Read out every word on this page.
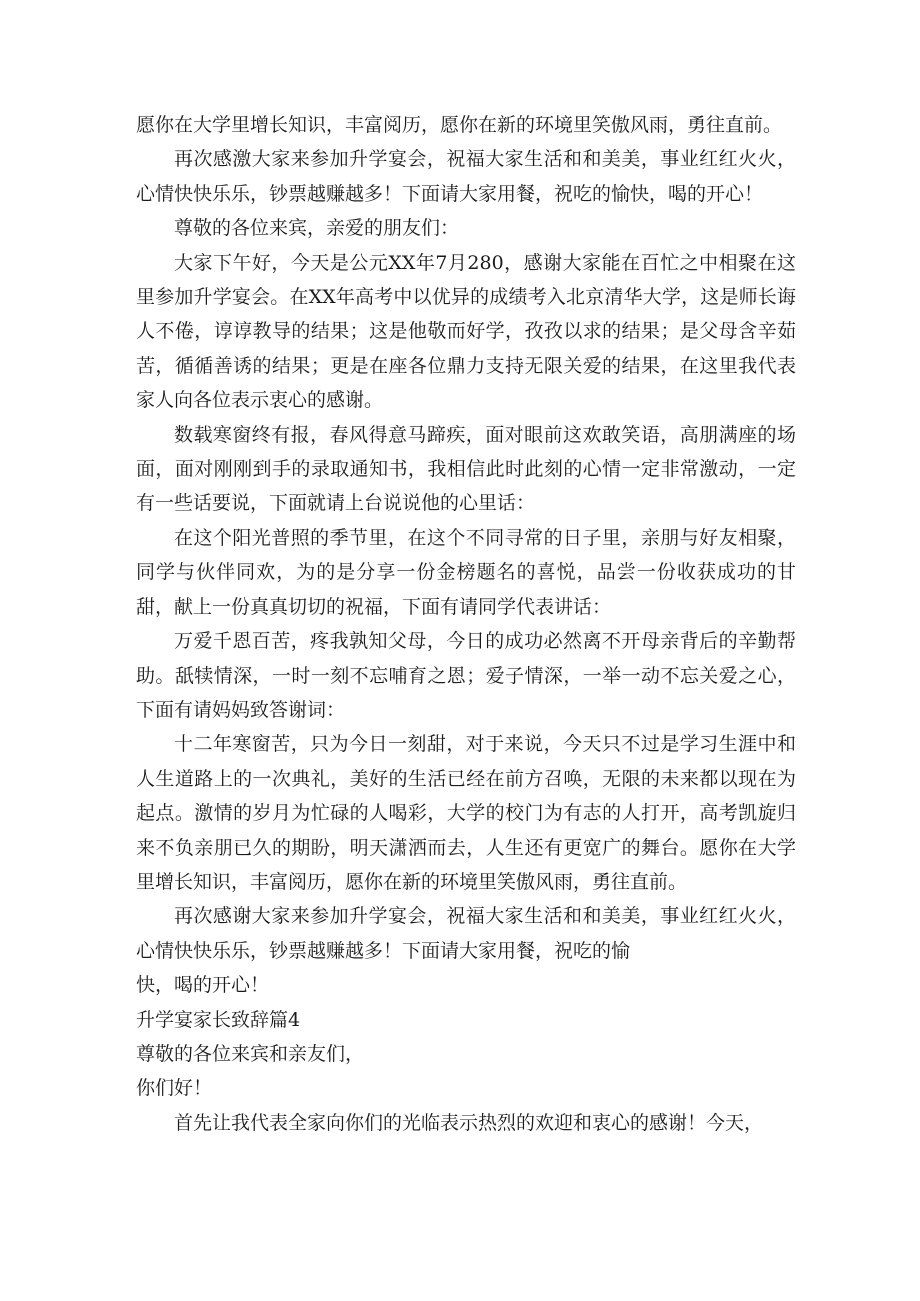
愿你在大学里增长知识，丰富阅历，愿你在新的环境里笑傲风雨，勇往直前。

再次感激大家来参加升学宴会，祝福大家生活和和美美，事业红红火火，心情快快乐乐，钞票越赚越多！下面请大家用餐，祝吃的愉快，喝的开心！

尊敬的各位来宾，亲爱的朋友们：

大家下午好，今天是公元XX年7月280，感谢大家能在百忙之中相聚在这里参加升学宴会。在XX年高考中以优异的成绩考入北京清华大学，这是师长诲人不倦，谆谆教导的结果；这是他敬而好学，孜孜以求的结果；是父母含辛茹苦，循循善诱的结果；更是在座各位鼎力支持无限关爱的结果，在这里我代表家人向各位表示衷心的感谢。

数载寒窗终有报，春风得意马蹄疾，面对眼前这欢敢笑语，高朋满座的场面，面对刚刚到手的录取通知书，我相信此时此刻的心情一定非常激动，一定有一些话要说，下面就请上台说说他的心里话：

在这个阳光普照的季节里，在这个不同寻常的日子里，亲朋与好友相聚，同学与伙伴同欢，为的是分享一份金榜题名的喜悦，品尝一份收获成功的甘甜，献上一份真真切切的祝福，下面有请同学代表讲话：

万爱千恩百苦，疼我孰知父母，今日的成功必然离不开母亲背后的辛勤帮助。舐犊情深，一时一刻不忘哺育之恩；爱子情深，一举一动不忘关爱之心，下面有请妈妈致答谢词：

十二年寒窗苦，只为今日一刻甜，对于来说，今天只不过是学习生涯中和人生道路上的一次典礼，美好的生活已经在前方召唤，无限的未来都以现在为起点。激情的岁月为忙碌的人喝彩，大学的校门为有志的人打开，高考凯旋归来不负亲朋已久的期盼，明天潇洒而去，人生还有更宽广的舞台。愿你在大学里增长知识，丰富阅历，愿你在新的环境里笑傲风雨，勇往直前。

再次感谢大家来参加升学宴会，祝福大家生活和和美美，事业红红火火，心情快快乐乐，钞票越赚越多！下面请大家用餐，祝吃的愉

快，喝的开心！

升学宴家长致辞篇4

尊敬的各位来宾和亲友们，

你们好！

首先让我代表全家向你们的光临表示热烈的欢迎和衷心的感谢！今天，
